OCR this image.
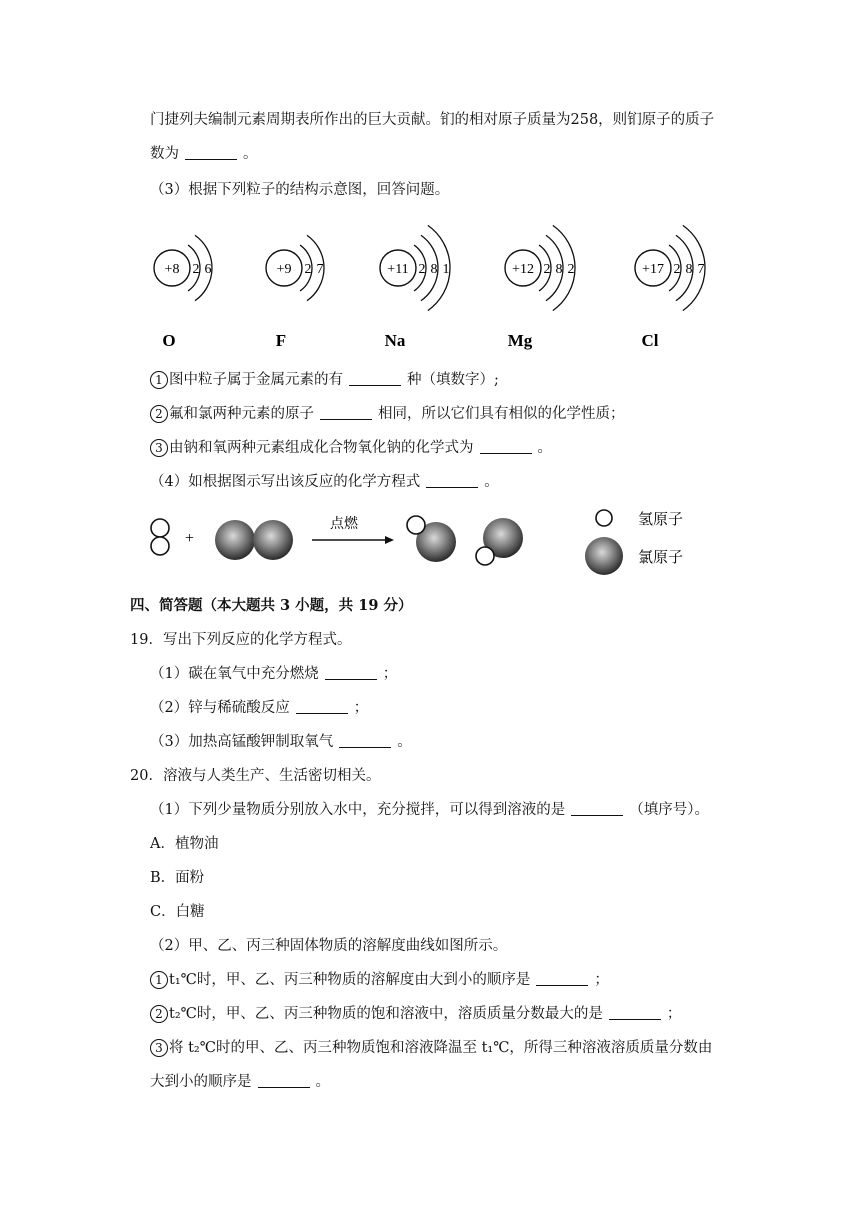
门捷列夫编制元素周期表所作出的巨大贡献。钔的相对原子质量为258，则钔原子的质子
数为	。
（3）根据下列粒子的结构示意图，回答问题。
+8 2 6
O
+9 2 7
F
+11 2 8 1
Na
+12 2 8 2
Mg
+17 2 8 7
Cl
1 图中粒子属于金属元素的有	种（填数字）;
2 氟和氯两种元素的原子	相同，所以它们具有相似的化学性质；
3 由钠和氧两种元素组成化合物氧化钠的化学式为	。
（4）如根据图示写出该反应的化学方程式	。
+
点燃	氢原子
氯原子
四、简答题（本大题共 3 小题，共 19 分）
19．写出下列反应的化学方程式。
（1）碳在氧气中充分燃烧	；
（2）锌与稀硫酸反应	；
（3）加热高锰酸钾制取氧气	。
20．溶液与人类生产、生活密切相关。
（1）下列少量物质分别放入水中，充分搅拌，可以得到溶液的是	（填序号）。
A．植物油
B．面粉
C．白糖
（2）甲、乙、丙三种固体物质的溶解度曲线如图所示。
1 t₁℃时，甲、乙、丙三种物质的溶解度由大到小的顺序是	；
2 t₂℃时，甲、乙、丙三种物质的饱和溶液中，溶质质量分数最大的是	；
3 将 t₂℃时的甲、乙、丙三种物质饱和溶液降温至 t₁℃，所得三种溶液溶质质量分数由
大到小的顺序是	。
